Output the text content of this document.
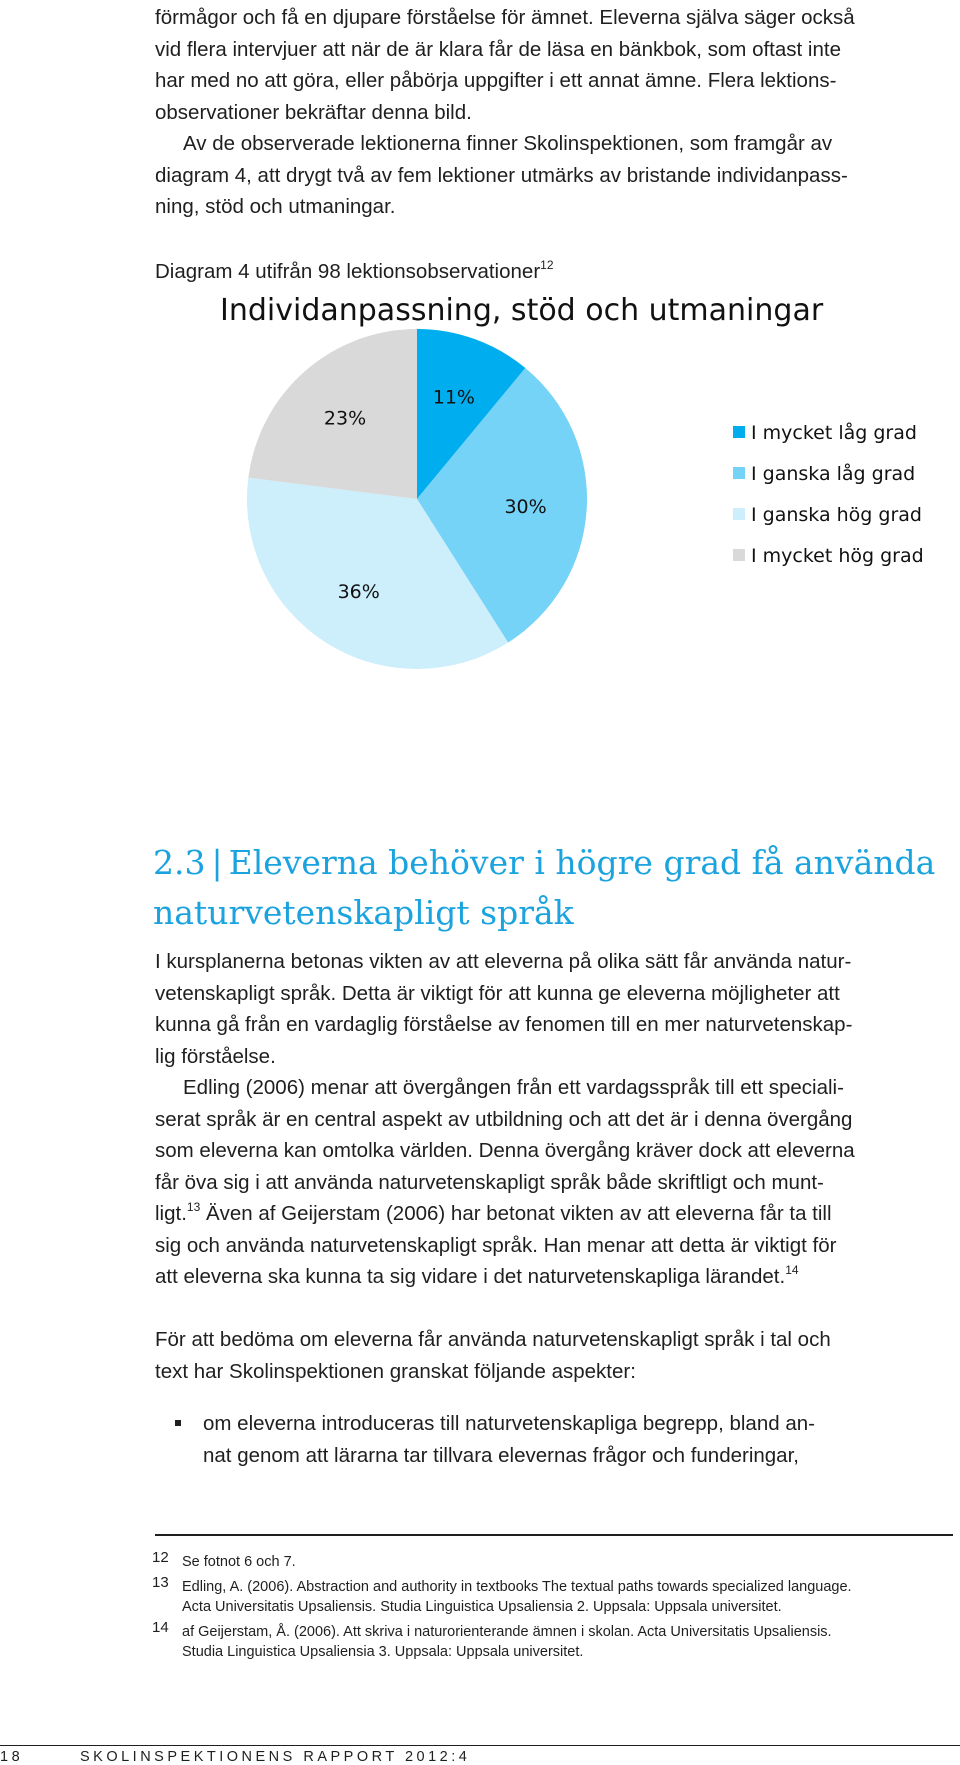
förmågor och få en djupare förståelse för ämnet. Eleverna själva säger också
vid flera intervjuer att när de är klara får de läsa en bänkbok, som oftast inte
har med no att göra, eller påbörja uppgifter i ett annat ämne. Flera lektions-
observationer bekräftar denna bild.

Av de observerade lektionerna finner Skolinspektionen, som framgår av
diagram 4, att drygt två av fem lektioner utmärks av bristande individanpass-
ning, stöd och utmaningar.

Diagram 4 utifrån 98 lektionsobservationer$^{12}$
Individanpassning, stöd och utmaningar
11%
30%
36%
23%
I mycket låg grad
I ganska låg grad
I ganska hög grad
I mycket hög grad
2.3 | Eleverna behöver i högre grad få använda
naturvetenskapligt språk

I kursplanerna betonas vikten av att eleverna på olika sätt får använda natur-
vetenskapligt språk. Detta är viktigt för att kunna ge eleverna möjligheter att
kunna gå från en vardaglig förståelse av fenomen till en mer naturvetenskap-
lig förståelse.

Edling (2006) menar att övergången från ett vardagsspråk till ett speciali-
serat språk är en central aspekt av utbildning och att det är i denna övergång
som eleverna kan omtolka världen. Denna övergång kräver dock att eleverna
får öva sig i att använda naturvetenskapligt språk både skriftligt och munt-
ligt.$^{13}$ Även af Geijerstam (2006) har betonat vikten av att eleverna får ta till
sig och använda naturvetenskapligt språk. Han menar att detta är viktigt för
att eleverna ska kunna ta sig vidare i det naturvetenskapliga lärandet.$^{14}$

För att bedöma om eleverna får använda naturvetenskapligt språk i tal och
text har Skolinspektionen granskat följande aspekter:

om eleverna introduceras till naturvetenskapliga begrepp, bland an-
nat genom att lärarna tar tillvara elevernas frågor och funderingar,
12 Se fotnot 6 och 7.
13 Edling, A. (2006). Abstraction and authority in textbooks The textual paths towards specialized language.
Acta Universitatis Upsaliensis. Studia Linguistica Upsaliensia 2. Uppsala: Uppsala universitet.
14 af Geijerstam, Å. (2006). Att skriva i naturorienterande ämnen i skolan. Acta Universitatis Upsaliensis.
Studia Linguistica Upsaliensia 3. Uppsala: Uppsala universitet.
18	SKOLINSPEKTIONENS RAPPORT 2012:4
